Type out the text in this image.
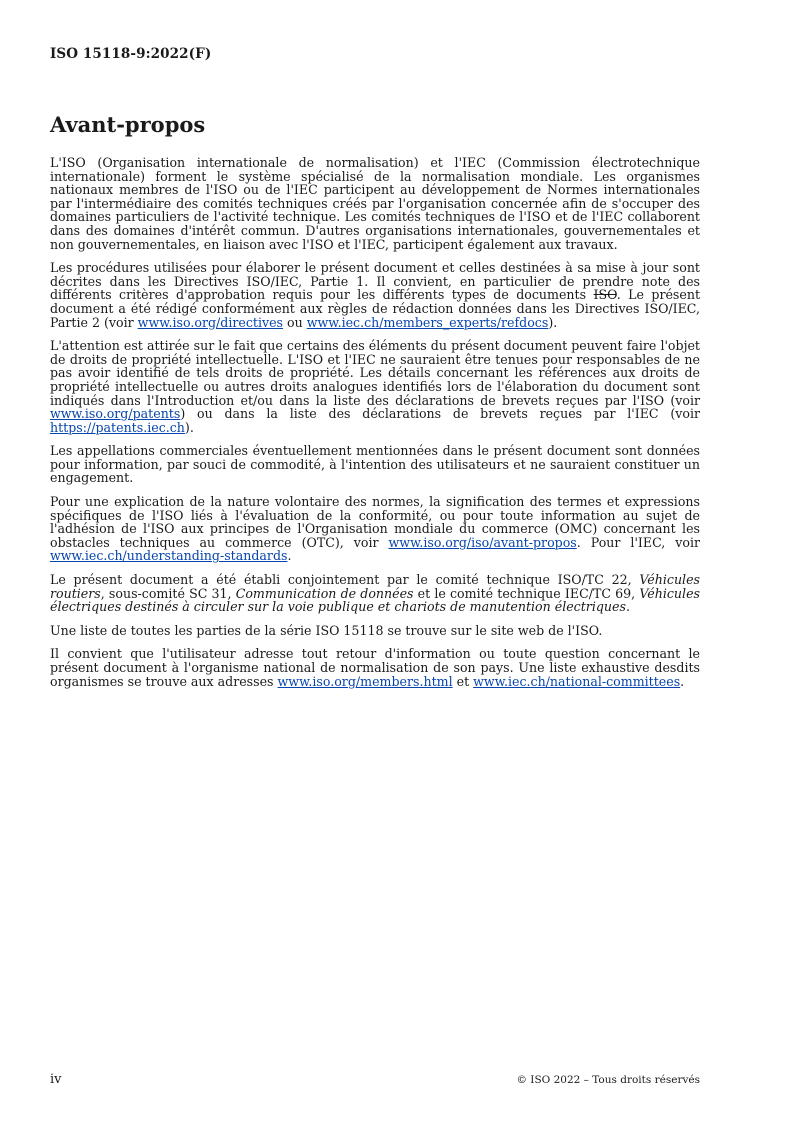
ISO 15118-9:2022(F)
Avant-propos

L'ISO (Organisation internationale de normalisation) et l'IEC (Commission électrotechnique internationale) forment le système spécialisé de la normalisation mondiale. Les organismes nationaux membres de l'ISO ou de l'IEC participent au développement de Normes internationales par l'intermédiaire des comités techniques créés par l'organisation concernée afin de s'occuper des domaines particuliers de l'activité technique. Les comités techniques de l'ISO et de l'IEC collaborent dans des domaines d'intérêt commun. D'autres organisations internationales, gouvernementales et non gouvernementales, en liaison avec l'ISO et l'IEC, participent également aux travaux.

Les procédures utilisées pour élaborer le présent document et celles destinées à sa mise à jour sont décrites dans les Directives ISO/IEC, Partie 1. Il convient, en particulier de prendre note des différents critères d'approbation requis pour les différents types de documents ISO. Le présent document a été rédigé conformément aux règles de rédaction données dans les Directives ISO/IEC, Partie 2 (voir www.iso.org/directives ou www.iec.ch/members_experts/refdocs).

L'attention est attirée sur le fait que certains des éléments du présent document peuvent faire l'objet de droits de propriété intellectuelle. L'ISO et l'IEC ne sauraient être tenues pour responsables de ne pas avoir identifié de tels droits de propriété. Les détails concernant les références aux droits de propriété intellectuelle ou autres droits analogues identifiés lors de l'élaboration du document sont indiqués dans l'Introduction et/ou dans la liste des déclarations de brevets reçues par l'ISO (voir www.iso.org/patents) ou dans la liste des déclarations de brevets reçues par l'IEC (voir https://patents.iec.ch).

Les appellations commerciales éventuellement mentionnées dans le présent document sont données pour information, par souci de commodité, à l'intention des utilisateurs et ne sauraient constituer un engagement.

Pour une explication de la nature volontaire des normes, la signification des termes et expressions spécifiques de l'ISO liés à l'évaluation de la conformité, ou pour toute information au sujet de l'adhésion de l'ISO aux principes de l'Organisation mondiale du commerce (OMC) concernant les obstacles techniques au commerce (OTC), voir www.iso.org/iso/avant-propos. Pour l'IEC, voir www.iec.ch/understanding-standards.

Le présent document a été établi conjointement par le comité technique ISO/TC 22, Véhicules routiers, sous-comité SC 31, Communication de données et le comité technique IEC/TC 69, Véhicules électriques destinés à circuler sur la voie publique et chariots de manutention électriques.

Une liste de toutes les parties de la série ISO 15118 se trouve sur le site web de l'ISO.

Il convient que l'utilisateur adresse tout retour d'information ou toute question concernant le présent document à l'organisme national de normalisation de son pays. Une liste exhaustive desdits organismes se trouve aux adresses www.iso.org/members.html et www.iec.ch/national-committees.

iv	© ISO 2022 – Tous droits réservés
